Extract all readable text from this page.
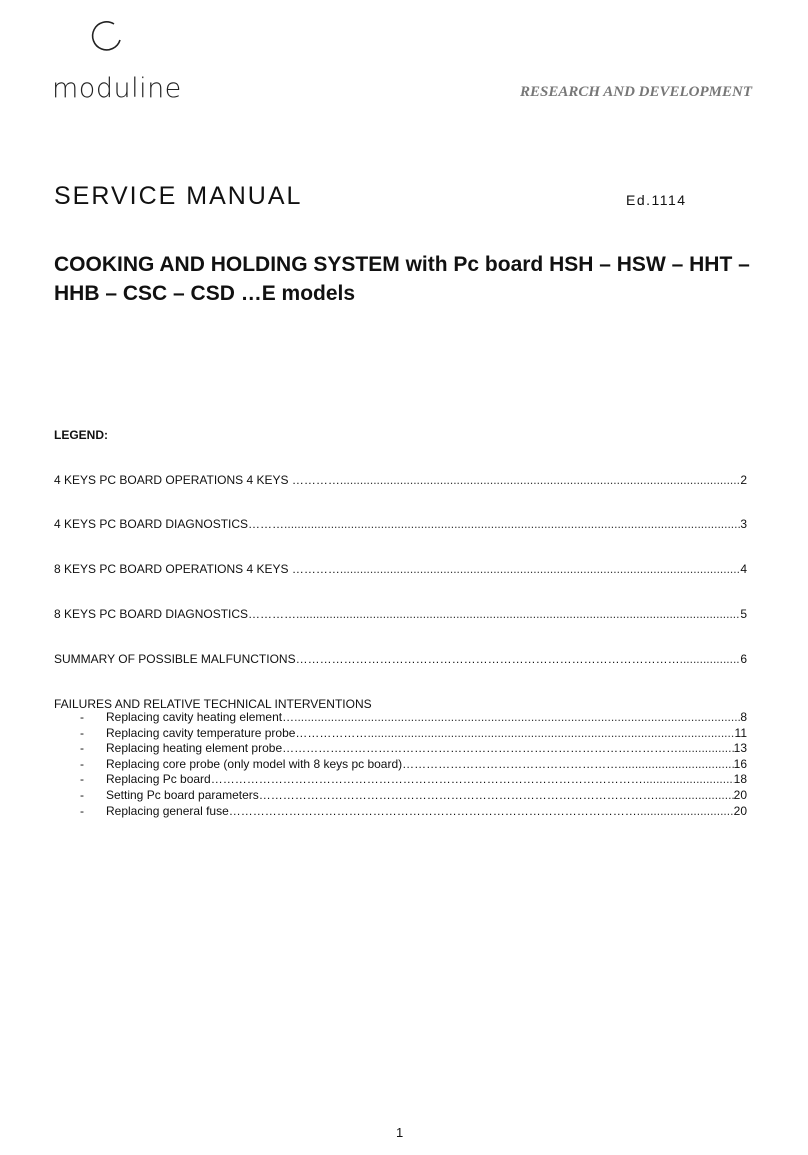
moduline	RESEARCH AND DEVELOPMENT
SERVICE MANUAL	Ed.1114
COOKING AND HOLDING SYSTEM with Pc board HSH – HSW – HHT – HHB – CSC – CSD …E models
LEGEND:
4 KEYS PC BOARD OPERATIONS 4 KEYS ………… .....	2
4 KEYS PC BOARD DIAGNOSTICS……… .....	3
8 KEYS PC BOARD OPERATIONS 4 KEYS ………… .....	4
8 KEYS PC BOARD DIAGNOSTICS………… .....	5
SUMMARY OF POSSIBLE MALFUNCTIONS…………………………………………………………………………………… .....	6
FAILURES AND RELATIVE TECHNICAL INTERVENTIONS
-	Replacing cavity heating element… .....	8
-	Replacing cavity temperature probe……………… .....	11
-	Replacing heating element probe……………………………………………………………………………………… .....	13
-	Replacing core probe (only model with 8 keys pc board)……………………………………………… .....	16
-	Replacing Pc board……………………………………………………………………………………………… .....	18
-	Setting Pc board parameters……………………………………………………………………………………… .....	20
-	Replacing general fuse………………………………………………………………………………………… .....	20
1
